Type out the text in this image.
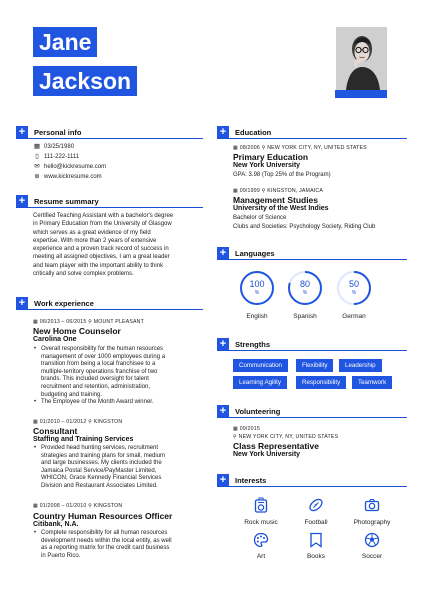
Jane
Jackson
+	Personal info
▦ 03/25/1980
▯ 111-222-1111
✉ hello@kickresume.com
⊕ www.kickresume.com
+	Resume summary
Certified Teaching Assistant with a bachelor's degree
in Primary Education from the University of Glasgow
which serves as a great evidence of my field
expertise. With more than 2 years of extensive
experience and a proven track record of success in
meeting all assigned objectives, I am a great leader
and team player with the important ability to think
critically and solve complex problems.
+	Work experience
▦ 06/2013 – 06/2015 ⚲ MOUNT PLEASANT
New Home Counselor
Carolina One
• Overall responsibility for the human resources
management of over 1000 employees during a
transition from being a local franchisee to a
multiple-territory operations franchise of two
brands. This included oversight for talent
recruitment and retention, administration,
budgeting and training.
• The Employee of the Month Award winner.
▦ 01/2010 – 01/2012 ⚲ KINGSTON
Consultant
Staffing and Training Services
• Provided head hunting services, recruitment
strategies and training plans for small, medium
and large businesses. My clients included the
Jamaica Postal Service/PayMaster Limited,
WHICON, Grace Kennedy Financial Services
Division and Restaurant Associates Limited.
▦ 01/2008 – 01/2010 ⚲ KINGSTON
Country Human Resources Officer
Citibank, N.A.
• Complete responsibility for all human resources
development needs within the local entity, as well
as a reporting matrix for the credit card business
in Puerto Rico.
+	Education
▦ 08/2006 ⚲ NEW YORK CITY, NY, UNITED STATES
Primary Education
New York University
GPA: 3.98 (Top 25% of the Program)
▦ 09/1999 ⚲ KINGSTON, JAMAICA
Management Studies
University of the West Indies
Bachelor of Science
Clubs and Societies: Psychology Society, Riding Club
+	Languages
100
%
80
%
50
%
English	Spanish	German
+	Strengths
Communication	Flexibility	Leadership
Learning Agility	Responsibility	Teamwork
+	Volunteering
▦ 09/2015
⚲ NEW YORK CITY, NY, UNITED STATES
Class Representative
New York University
+	Interests
Rock music	Football	Photography
Art	Books	Soccer
